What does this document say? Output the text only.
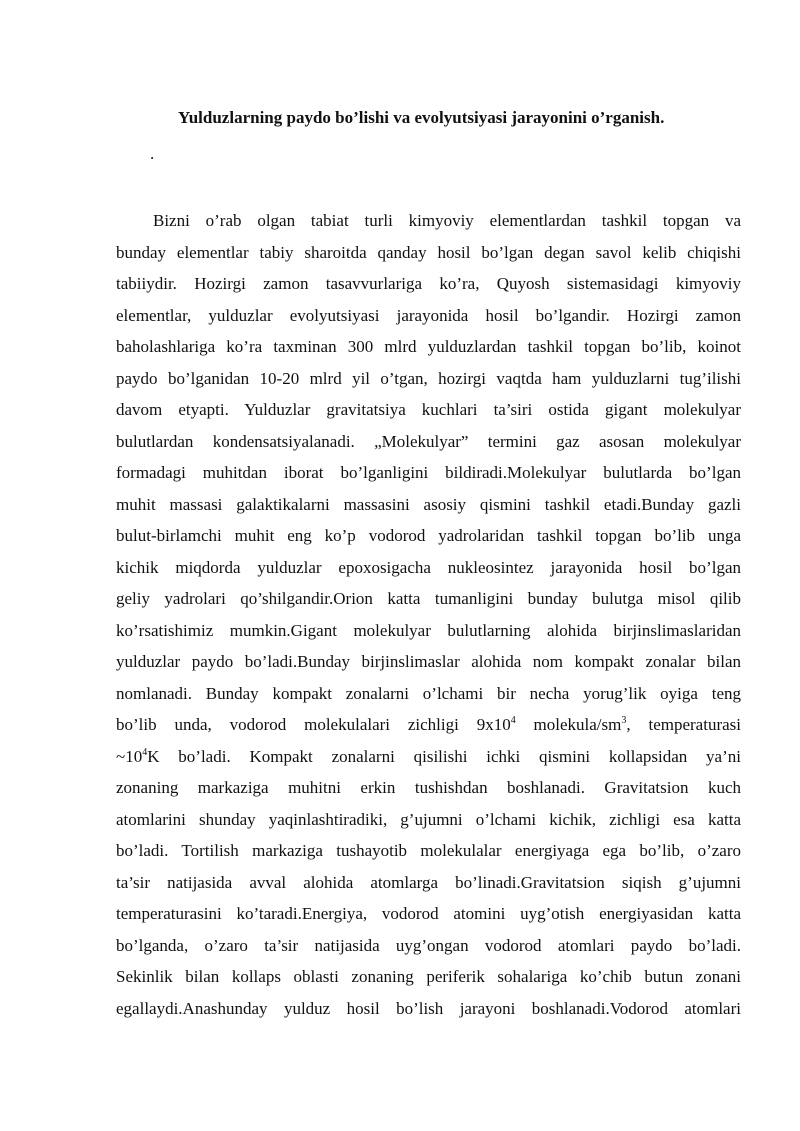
Yulduzlarning paydo bo’lishi va evolyutsiyasi jarayonini o’rganish.
.
Bizni o’rab olgan tabiat turli kimyoviy elementlardan tashkil topgan va
bunday elementlar tabiy sharoitda qanday hosil bo’lgan degan savol kelib chiqishi
tabiiydir. Hozirgi zamon tasavvurlariga ko’ra, Quyosh sistemasidagi kimyoviy
elementlar, yulduzlar evolyutsiyasi jarayonida hosil bo’lgandir. Hozirgi zamon
baholashlariga ko’ra taxminan 300 mlrd yulduzlardan tashkil topgan bo’lib, koinot
paydo bo’lganidan 10-20 mlrd yil o’tgan, hozirgi vaqtda ham yulduzlarni tug’ilishi
davom etyapti. Yulduzlar gravitatsiya kuchlari ta’siri ostida gigant molekulyar
bulutlardan kondensatsiyalanadi. „Molekulyar” termini gaz asosan molekulyar
formadagi muhitdan iborat bo’lganligini bildiradi.Molekulyar bulutlarda bo’lgan
muhit massasi galaktikalarni massasini asosiy qismini tashkil etadi.Bunday gazli
bulut-birlamchi muhit eng ko’p vodorod yadrolaridan tashkil topgan bo’lib unga
kichik miqdorda yulduzlar epoxosigacha nukleosintez jarayonida hosil bo’lgan
geliy yadrolari qo’shilgandir.Orion katta tumanligini bunday bulutga misol qilib
ko’rsatishimiz mumkin.Gigant molekulyar bulutlarning alohida birjinslimaslaridan
yulduzlar paydo bo’ladi.Bunday birjinslimaslar alohida nom kompakt zonalar bilan
nomlanadi. Bunday kompakt zonalarni o’lchami bir necha yorug’lik oyiga teng
bo’lib unda, vodorod molekulalari zichligi $9x10^4$ molekula/$sm^3$, temperaturasi
$\sim 10^4K$ bo’ladi. Kompakt zonalarni qisilishi ichki qismini kollapsidan ya’ni
zonaning markaziga muhitni erkin tushishdan boshlanadi. Gravitatsion kuch
atomlarini shunday yaqinlashtiradiki, g’ujumni o’lchami kichik, zichligi esa katta
bo’ladi. Tortilish markaziga tushayotib molekulalar energiyaga ega bo’lib, o’zaro
ta’sir natijasida avval alohida atomlarga bo’linadi.Gravitatsion siqish g’ujumni
temperaturasini ko’taradi.Energiya, vodorod atomini uyg’otish energiyasidan katta
bo’lganda, o’zaro ta’sir natijasida uyg’ongan vodorod atomlari paydo bo’ladi.
Sekinlik bilan kollaps oblasti zonaning periferik sohalariga ko’chib butun zonani
egallaydi.Anashunday yulduz hosil bo’lish jarayoni boshlanadi.Vodorod atomlari
